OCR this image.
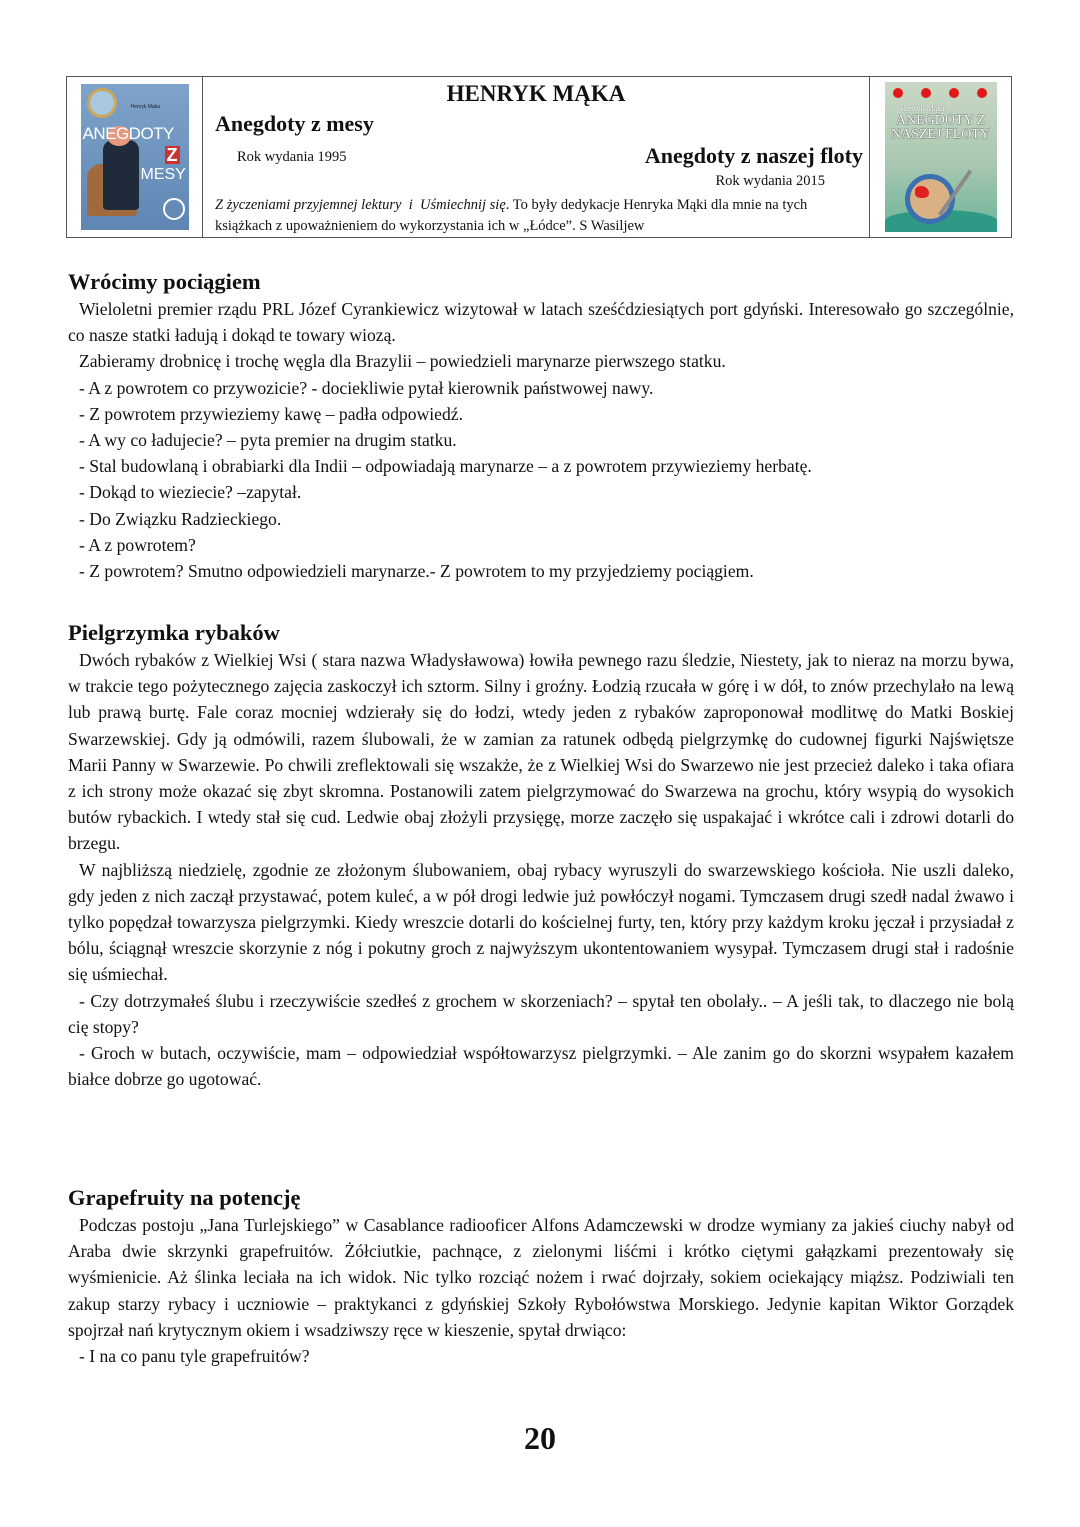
Henryk Mąka
ANEGDOTY
Z
MESY
HENRYK MĄKA
Anegdoty z mesy
Rok wydania 1995	Anegdoty z naszej floty
Rok wydania 2015
Z życzeniami przyjemnej lektury  i  Uśmiechnij się. To były dedykacje Henryka Mąki dla mnie na tych książkach z upoważnieniem do wykorzystania ich w „Łódce”. S Wasiljew
Henryk Mąka
ANEGDOTY Z NASZEJ FLOTY
Wrócimy pociągiem

Wieloletni premier rządu PRL Józef Cyrankiewicz wizytował w latach sześćdziesiątych port gdyński. Interesowało go szczególnie, co nasze statki ładują i dokąd te towary wiozą.

Zabieramy drobnicę i trochę węgla dla Brazylii – powiedzieli marynarze pierwszego statku.

- A z powrotem co przywozicie? - dociekliwie pytał kierownik państwowej nawy.

- Z powrotem przywieziemy kawę – padła odpowiedź.

- A wy co ładujecie? – pyta premier na drugim statku.

- Stal budowlaną i obrabiarki dla Indii – odpowiadają marynarze – a z powrotem przywieziemy herbatę.

- Dokąd to wieziecie? –zapytał.

- Do Związku Radzieckiego.

- A z powrotem?

- Z powrotem? Smutno odpowiedzieli marynarze.- Z powrotem to my przyjedziemy pociągiem.

Pielgrzymka rybaków

Dwóch rybaków z Wielkiej Wsi ( stara nazwa Władysławowa) łowiła pewnego razu śledzie, Niestety, jak to nieraz na morzu bywa, w trakcie tego pożytecznego zajęcia zaskoczył ich sztorm. Silny i groźny. Łodzią rzucała w górę i w dół, to znów przechylało na lewą lub prawą burtę. Fale coraz mocniej wdzierały się do łodzi, wtedy jeden z rybaków zaproponował modlitwę do Matki Boskiej Swarzewskiej. Gdy ją odmówili, razem ślubowali, że w zamian za ratunek odbędą pielgrzymkę do cudownej figurki Najświętsze Marii Panny w Swarzewie. Po chwili zreflektowali się wszakże, że z Wielkiej Wsi do Swarzewo nie jest przecież daleko i taka ofiara z ich strony może okazać się zbyt skromna. Postanowili zatem pielgrzymować do Swarzewa na grochu, który wsypią do wysokich butów rybackich. I wtedy stał się cud. Ledwie obaj złożyli przysięgę, morze zaczęło się uspakajać i wkrótce cali i zdrowi dotarli do brzegu.

W najbliższą niedzielę, zgodnie ze złożonym ślubowaniem, obaj rybacy wyruszyli do swarzewskiego kościoła. Nie uszli daleko, gdy jeden z nich zaczął przystawać, potem kuleć, a w pół drogi ledwie już powłóczył nogami. Tymczasem drugi szedł nadal żwawo i tylko popędzał towarzysza pielgrzymki. Kiedy wreszcie dotarli do kościelnej furty, ten, który przy każdym kroku jęczał i przysiadał z bólu, ściągnął wreszcie skorzynie z nóg i pokutny groch z najwyższym ukontentowaniem wysypał. Tymczasem drugi stał i radośnie się uśmiechał.

- Czy dotrzymałeś ślubu i rzeczywiście szedłeś z grochem w skorzeniach? – spytał ten obolały.. – A jeśli tak, to dlaczego nie bolą cię stopy?

- Groch w butach, oczywiście, mam – odpowiedział współtowarzysz pielgrzymki. – Ale zanim go do skorzni wsypałem kazałem białce dobrze go ugotować.

Grapefruity na potencję

Podczas postoju „Jana Turlejskiego” w Casablance radiooficer Alfons Adamczewski w drodze wymiany za jakieś ciuchy nabył od Araba dwie skrzynki grapefruitów. Żółciutkie, pachnące, z zielonymi liśćmi i krótko ciętymi gałązkami prezentowały się wyśmienicie. Aż ślinka leciała na ich widok. Nic tylko rozciąć nożem i rwać dojrzały, sokiem ociekający miąższ. Podziwiali ten zakup starzy rybacy i uczniowie – praktykanci z gdyńskiej Szkoły Rybołówstwa Morskiego. Jedynie kapitan Wiktor Gorządek spojrzał nań krytycznym okiem i wsadziwszy ręce w kieszenie, spytał drwiąco:

- I na co panu tyle grapefruitów?

20
